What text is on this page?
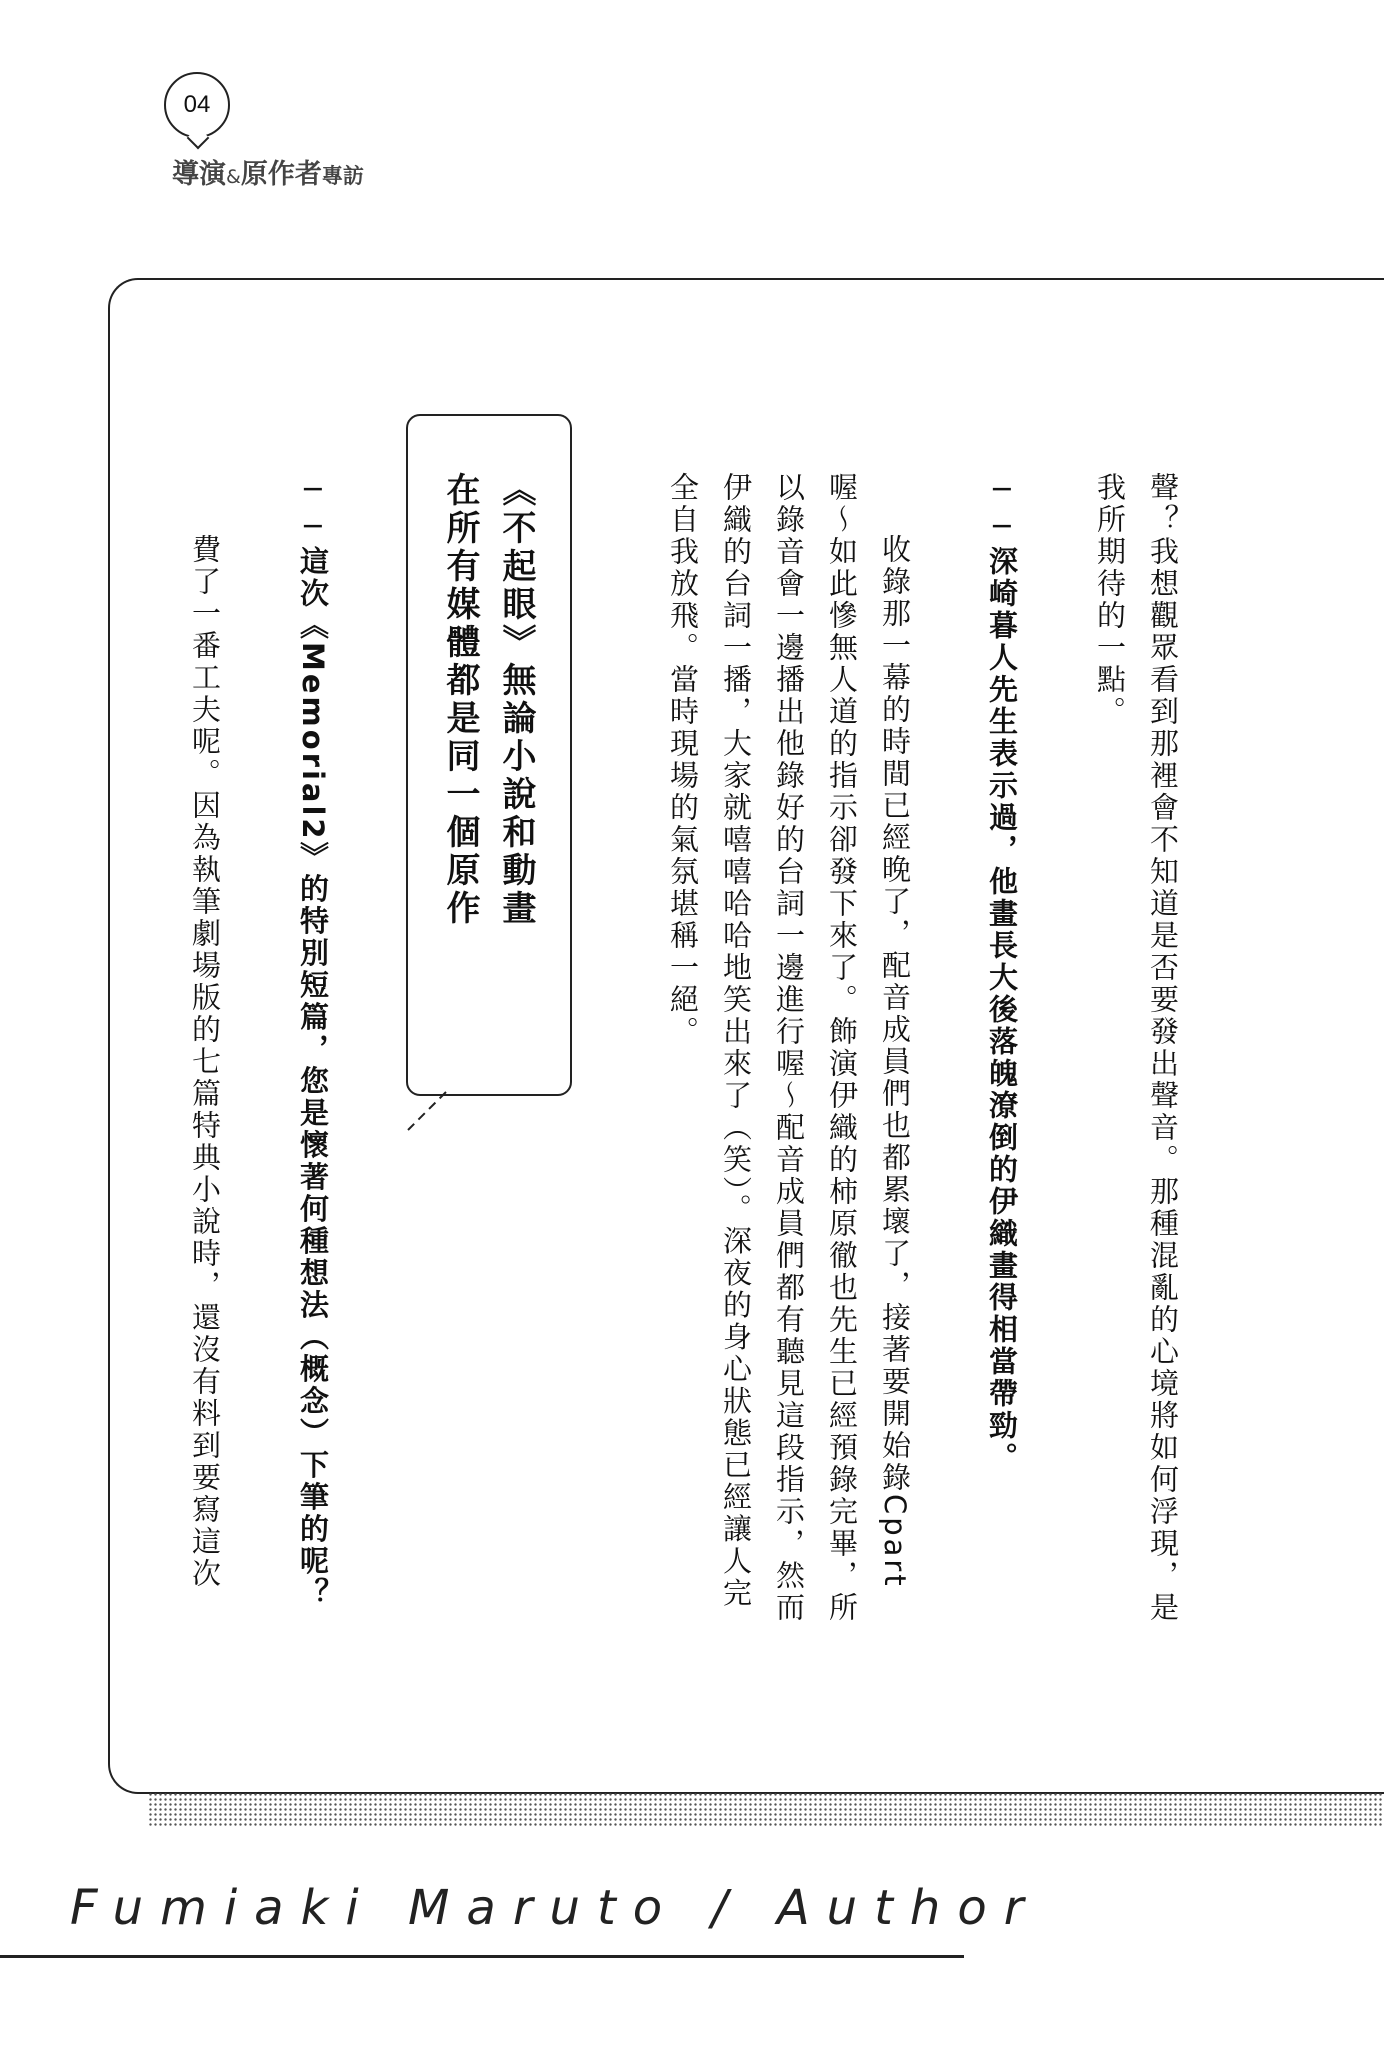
04
導演&原作者專訪
聲？我想觀眾看到那裡會不知道是否要發出聲音。那種混亂的心境將如何浮現，是
我所期待的一點。
──深崎暮人先生表示過，他畫長大後落魄潦倒的伊織畫得相當帶勁。
收錄那一幕的時間已經晚了，配音成員們也都累壞了，接著要開始錄Cpart
喔～如此慘無人道的指示卻發下來了。飾演伊織的柿原徹也先生已經預錄完畢，所
以錄音會一邊播出他錄好的台詞一邊進行喔～配音成員們都有聽見這段指示，然而
伊織的台詞一播，大家就嘻嘻哈哈地笑出來了（笑）。深夜的身心狀態已經讓人完
全自我放飛。當時現場的氣氛堪稱一絕。
《不起眼》無論小說和動畫
在所有媒體都是同一個原作
──這次《Memorial2》的特別短篇，您是懷著何種想法（概念）下筆的呢？
費了一番工夫呢。因為執筆劇場版的七篇特典小說時，還沒有料到要寫這次
Fumiaki Maruto / Author
